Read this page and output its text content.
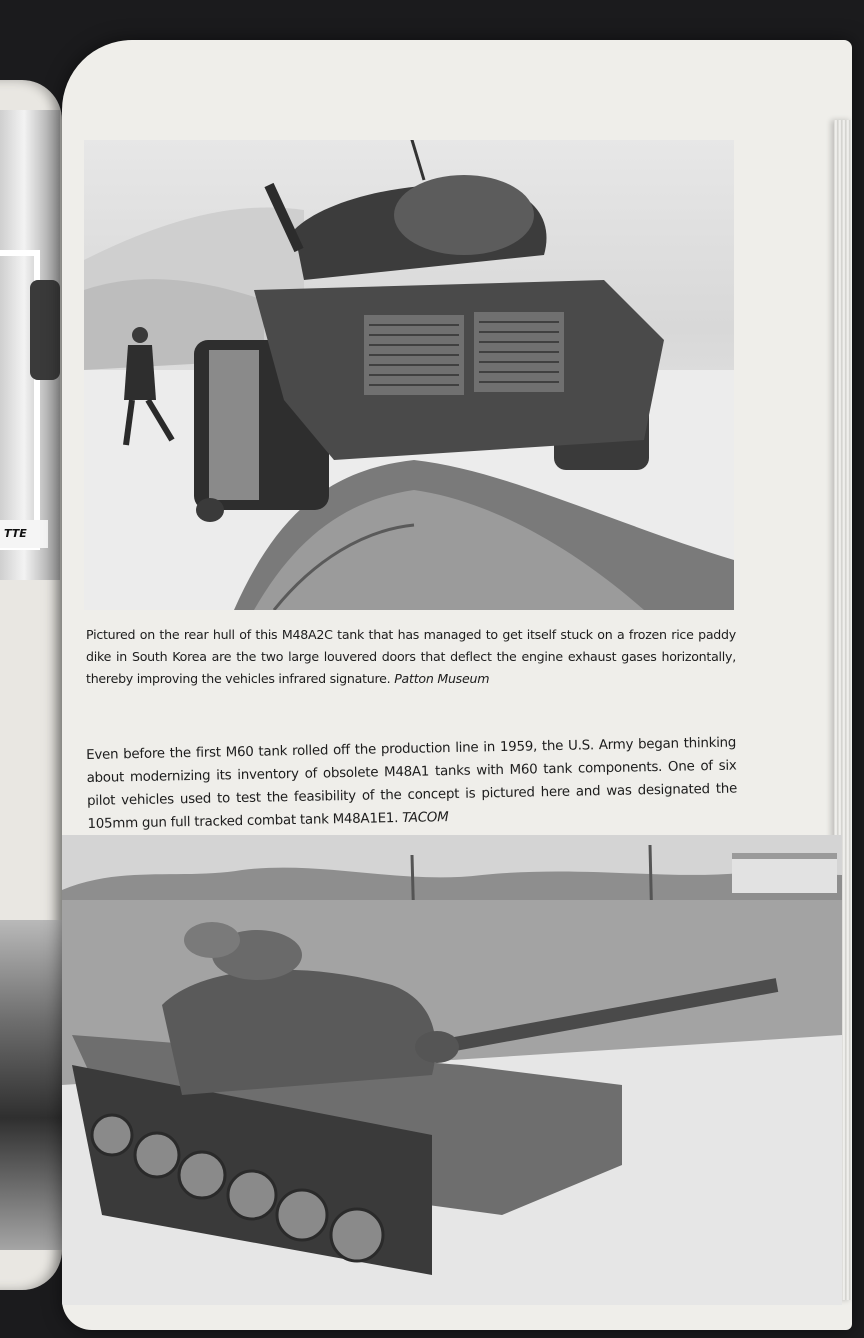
TTE

Pictured on the rear hull of this M48A2C tank that has managed to get itself stuck on a frozen rice paddy dike in South Korea are the two large louvered doors that deflect the engine exhaust gases horizontally, thereby improving the vehicles infrared signature. Patton Museum

Even before the first M60 tank rolled off the production line in 1959, the U.S. Army began thinking about modernizing its inventory of obsolete M48A1 tanks with M60 tank components. One of six pilot vehicles used to test the feasibility of the concept is pictured here and was designated the 105mm gun full tracked combat tank M48A1E1. TACOM
